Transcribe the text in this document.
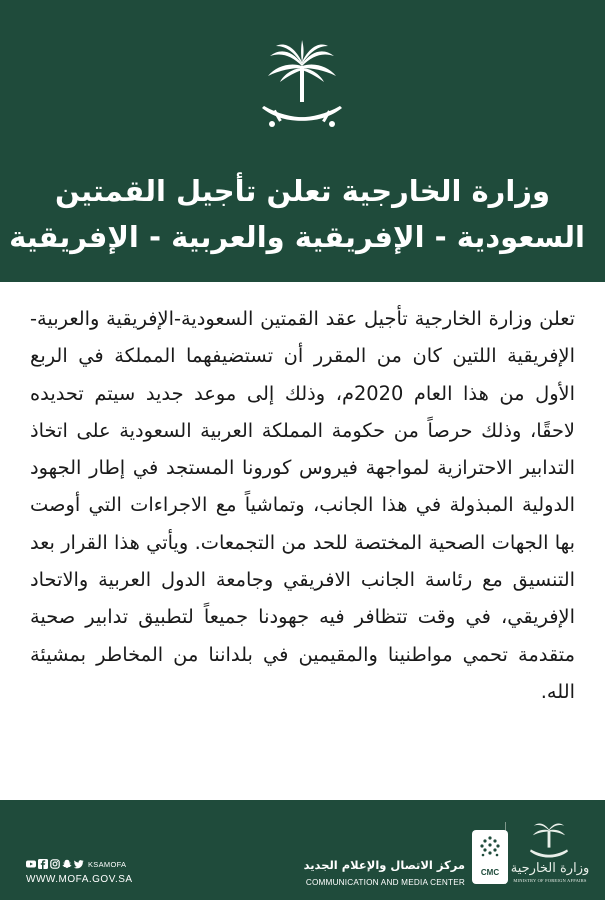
وزارة الخارجية تعلن تأجيل القمتين
السعودية - الإفريقية والعربية - الإفريقية

تعلن وزارة الخارجية تأجيل عقد القمتين السعودية-الإفريقية والعربية-الإفريقية اللتين كان من المقرر أن تستضيفهما المملكة في الربع الأول من هذا العام 2020م، وذلك إلى موعد جديد سيتم تحديده لاحقًا، وذلك حرصاً من حكومة المملكة العربية السعودية على اتخاذ التدابير الاحترازية لمواجهة فيروس كورونا المستجد في إطار الجهود الدولية المبذولة في هذا الجانب، وتماشياً مع الاجراءات التي أوصت بها الجهات الصحية المختصة للحد من التجمعات. ويأتي هذا القرار بعد التنسيق مع رئاسة الجانب الافريقي وجامعة الدول العربية والاتحاد الإفريقي، في وقت تتظافر فيه جهودنا جميعاً لتطبيق تدابير صحية متقدمة تحمي مواطنينا والمقيمين في بلداننا من المخاطر بمشيئة الله.

وزارة الخارجية
MINISTRY OF FOREIGN AFFAIRS
CMC
مركز الاتصال والإعلام الجديد
COMMUNICATION AND MEDIA CENTER
KSAMOFA
WWW.MOFA.GOV.SA
